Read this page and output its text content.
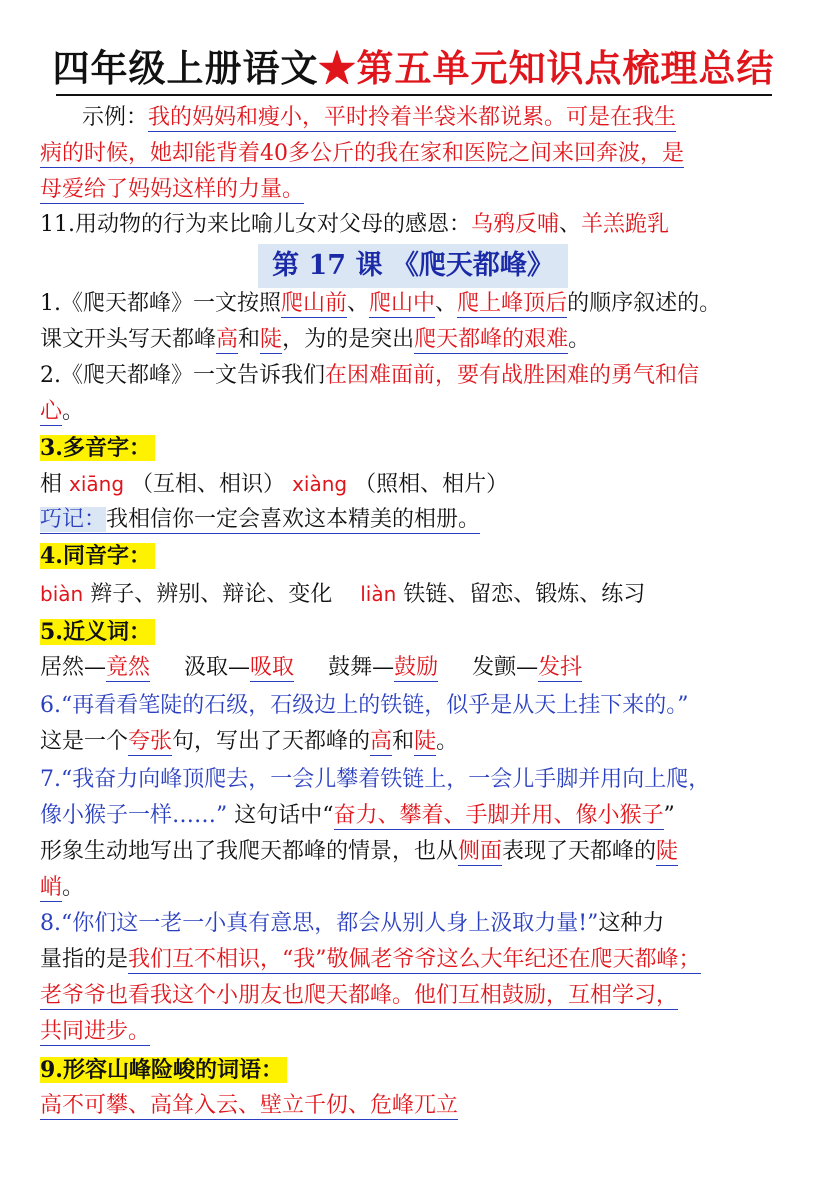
四年级上册语文★第五单元知识点梳理总结
示例：我的妈妈和瘦小，平时拎着半袋米都说累。可是在我生
病的时候，她却能背着40多公斤的我在家和医院之间来回奔波，是
母爱给了妈妈这样的力量。
11.用动物的行为来比喻儿女对父母的感恩：乌鸦反哺、羊羔跪乳
第 17 课 《爬天都峰》
1.《爬天都峰》一文按照爬山前、爬山中、爬上峰顶后的顺序叙述的。
课文开头写天都峰高和陡，为的是突出爬天都峰的艰难。
2.《爬天都峰》一文告诉我们在困难面前，要有战胜困难的勇气和信
心。
3.多音字：
相 xiāng （互相、相识） xiàng （照相、相片）
巧记：我相信你一定会喜欢这本精美的相册。
4.同音字：
biàn 辫子、辨别、辩论、变化 liàn 铁链、留恋、锻炼、练习
5.近义词：
居然—竟然 汲取—吸取 鼓舞—鼓励 发颤—发抖
6.“再看看笔陡的石级，石级边上的铁链，似乎是从天上挂下来的。”
这是一个夸张句，写出了天都峰的高和陡。
7.“我奋力向峰顶爬去，一会儿攀着铁链上，一会儿手脚并用向上爬，
像小猴子一样……” 这句话中“奋力、攀着、手脚并用、像小猴子”
形象生动地写出了我爬天都峰的情景，也从侧面表现了天都峰的陡
峭。
8.“你们这一老一小真有意思，都会从别人身上汲取力量!”这种力
量指的是我们互不相识，“我”敬佩老爷爷这么大年纪还在爬天都峰；
老爷爷也看我这个小朋友也爬天都峰。他们互相鼓励，互相学习，
共同进步。
9.形容山峰险峻的词语：
高不可攀、高耸入云、壁立千仞、危峰兀立
